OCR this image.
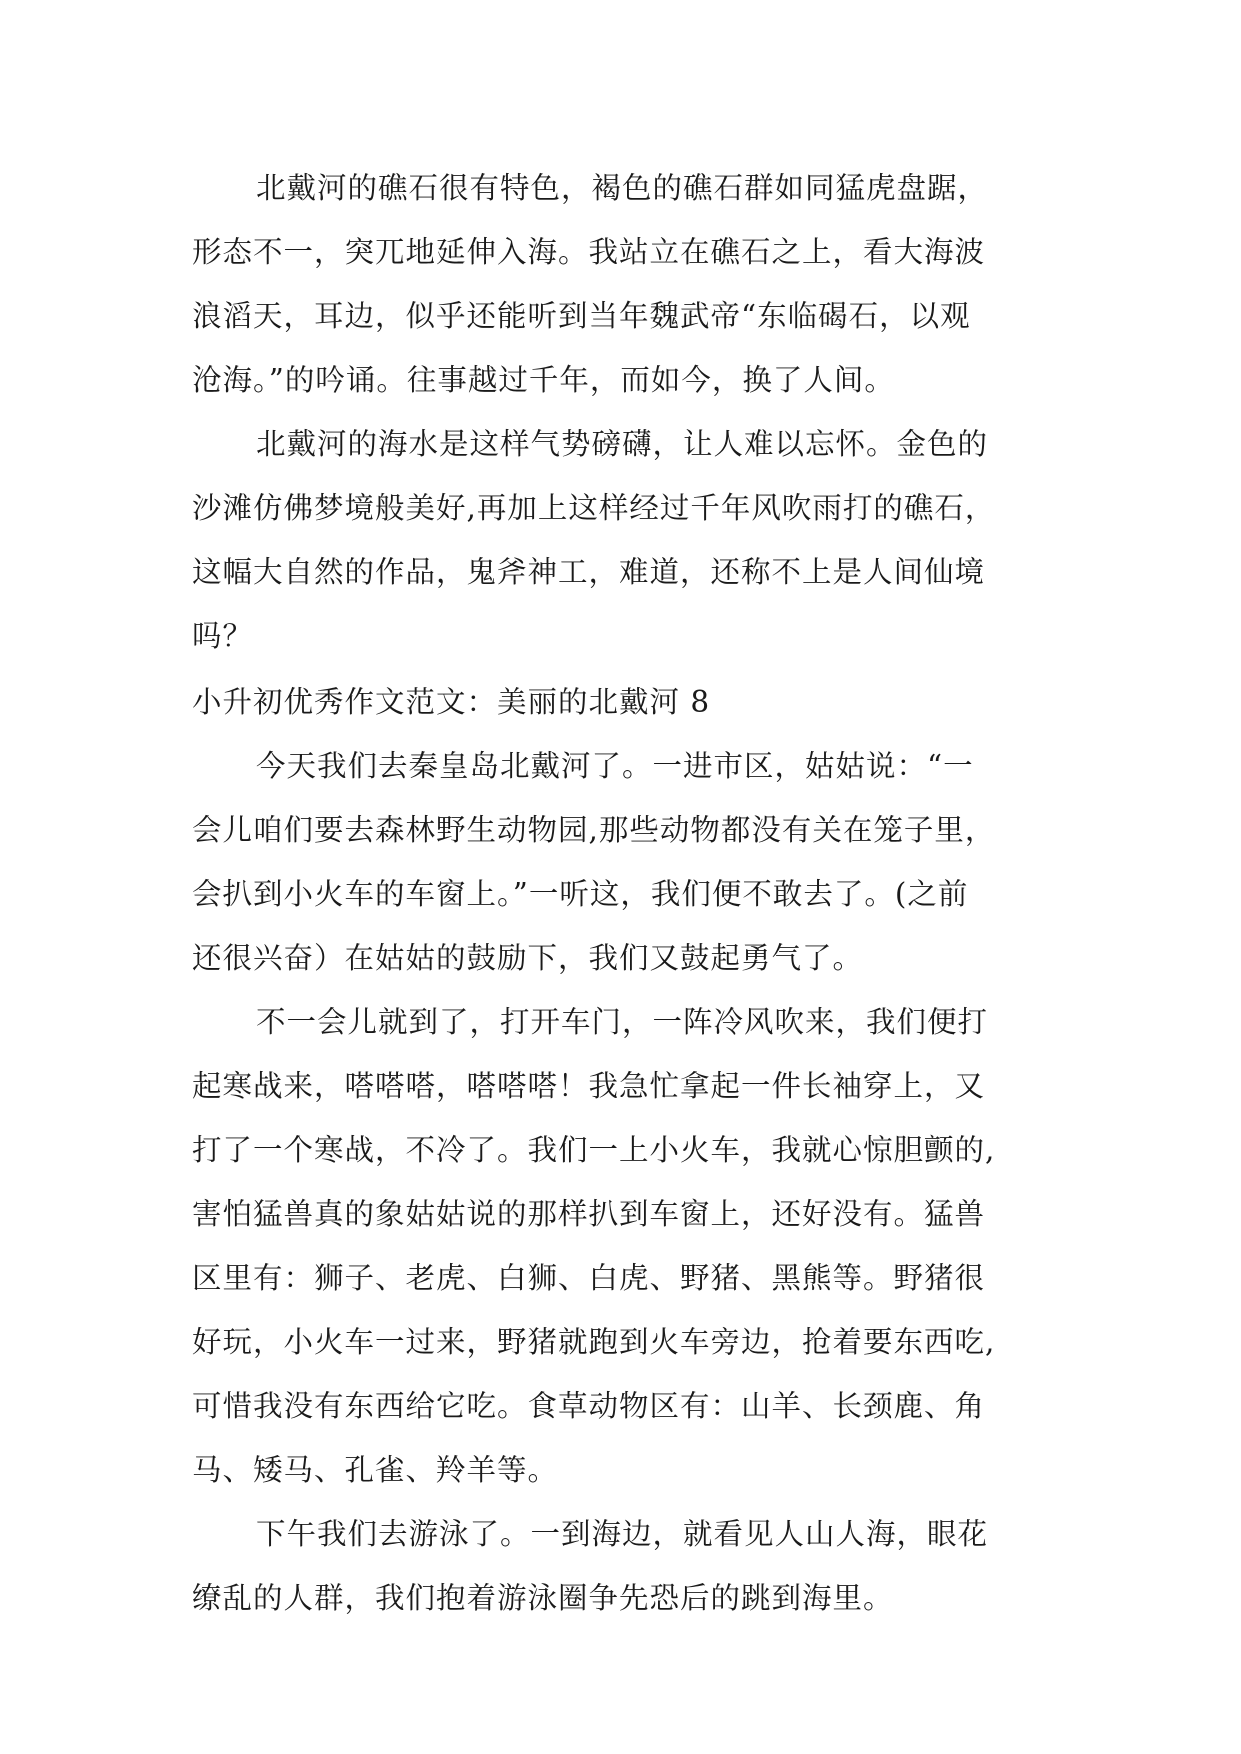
北戴河的礁石很有特色，褐色的礁石群如同猛虎盘踞，
形态不一，突兀地延伸入海。我站立在礁石之上，看大海波
浪滔天，耳边，似乎还能听到当年魏武帝“东临碣石，以观
沧海。”的吟诵。往事越过千年，而如今，换了人间。
北戴河的海水是这样气势磅礴，让人难以忘怀。金色的
沙滩仿佛梦境般美好,再加上这样经过千年风吹雨打的礁石，
这幅大自然的作品，鬼斧神工，难道，还称不上是人间仙境
吗？
小升初优秀作文范文：美丽的北戴河 8
今天我们去秦皇岛北戴河了。一进市区，姑姑说：“一
会儿咱们要去森林野生动物园,那些动物都没有关在笼子里，
会扒到小火车的车窗上。”一听这，我们便不敢去了。(之前
还很兴奋）在姑姑的鼓励下，我们又鼓起勇气了。
不一会儿就到了，打开车门，一阵冷风吹来，我们便打
起寒战来，嗒嗒嗒，嗒嗒嗒！我急忙拿起一件长袖穿上，又
打了一个寒战，不冷了。我们一上小火车，我就心惊胆颤的,
害怕猛兽真的象姑姑说的那样扒到车窗上，还好没有。猛兽
区里有：狮子、老虎、白狮、白虎、野猪、黑熊等。野猪很
好玩，小火车一过来，野猪就跑到火车旁边，抢着要东西吃,
可惜我没有东西给它吃。食草动物区有：山羊、长颈鹿、角
马、矮马、孔雀、羚羊等。
下午我们去游泳了。一到海边，就看见人山人海，眼花
缭乱的人群，我们抱着游泳圈争先恐后的跳到海里。
